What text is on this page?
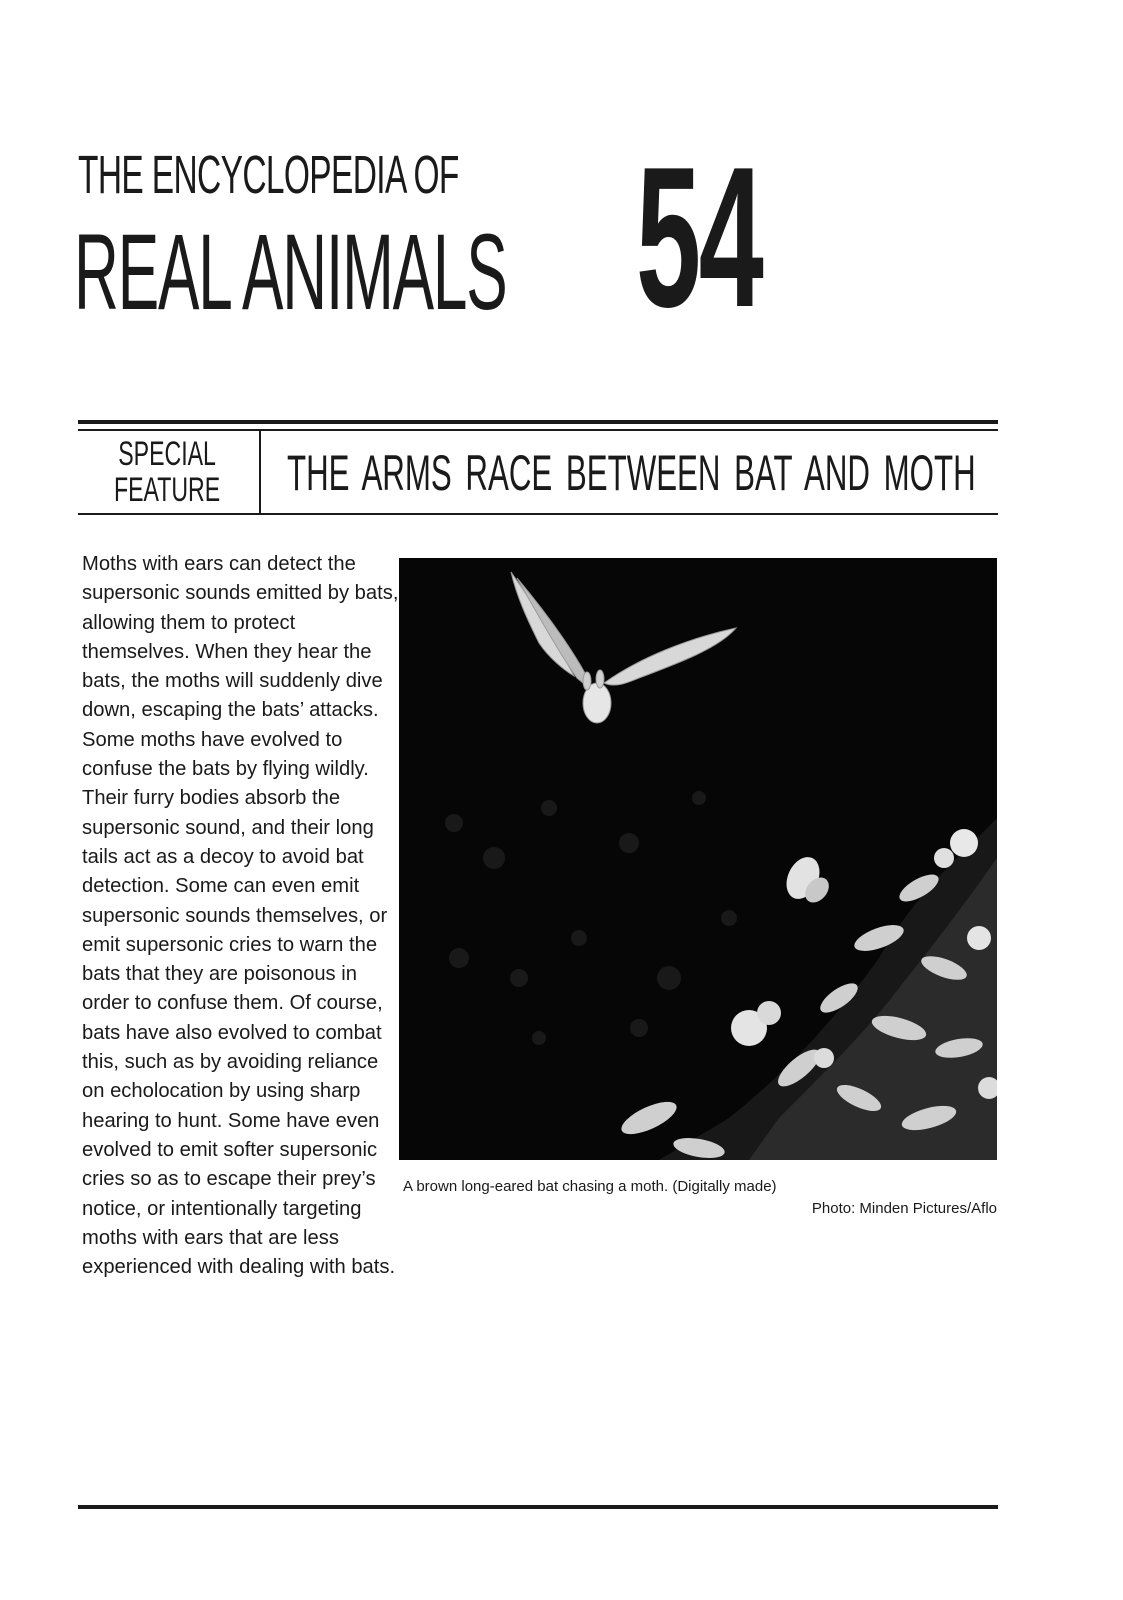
THE ENCYCLOPEDIA OF
REAL ANIMALS 54
SPECIAL
FEATURE THE ARMS RACE BETWEEN BAT AND MOTH
Moths with ears can detect the supersonic sounds emitted by bats, allowing them to protect themselves. When they hear the bats, the moths will suddenly dive down, escaping the bats’ attacks. Some moths have evolved to confuse the bats by flying wildly. Their furry bodies absorb the supersonic sound, and their long tails act as a decoy to avoid bat detection. Some can even emit supersonic sounds themselves, or emit supersonic cries to warn the bats that they are poisonous in order to confuse them. Of course, bats have also evolved to combat this, such as by avoiding reliance on echolocation by using sharp hearing to hunt. Some have even evolved to emit softer supersonic cries so as to escape their prey’s notice, or intentionally targeting moths with ears that are less experienced with dealing with bats.
A brown long-eared bat chasing a moth. (Digitally made)
Photo: Minden Pictures/Aflo
